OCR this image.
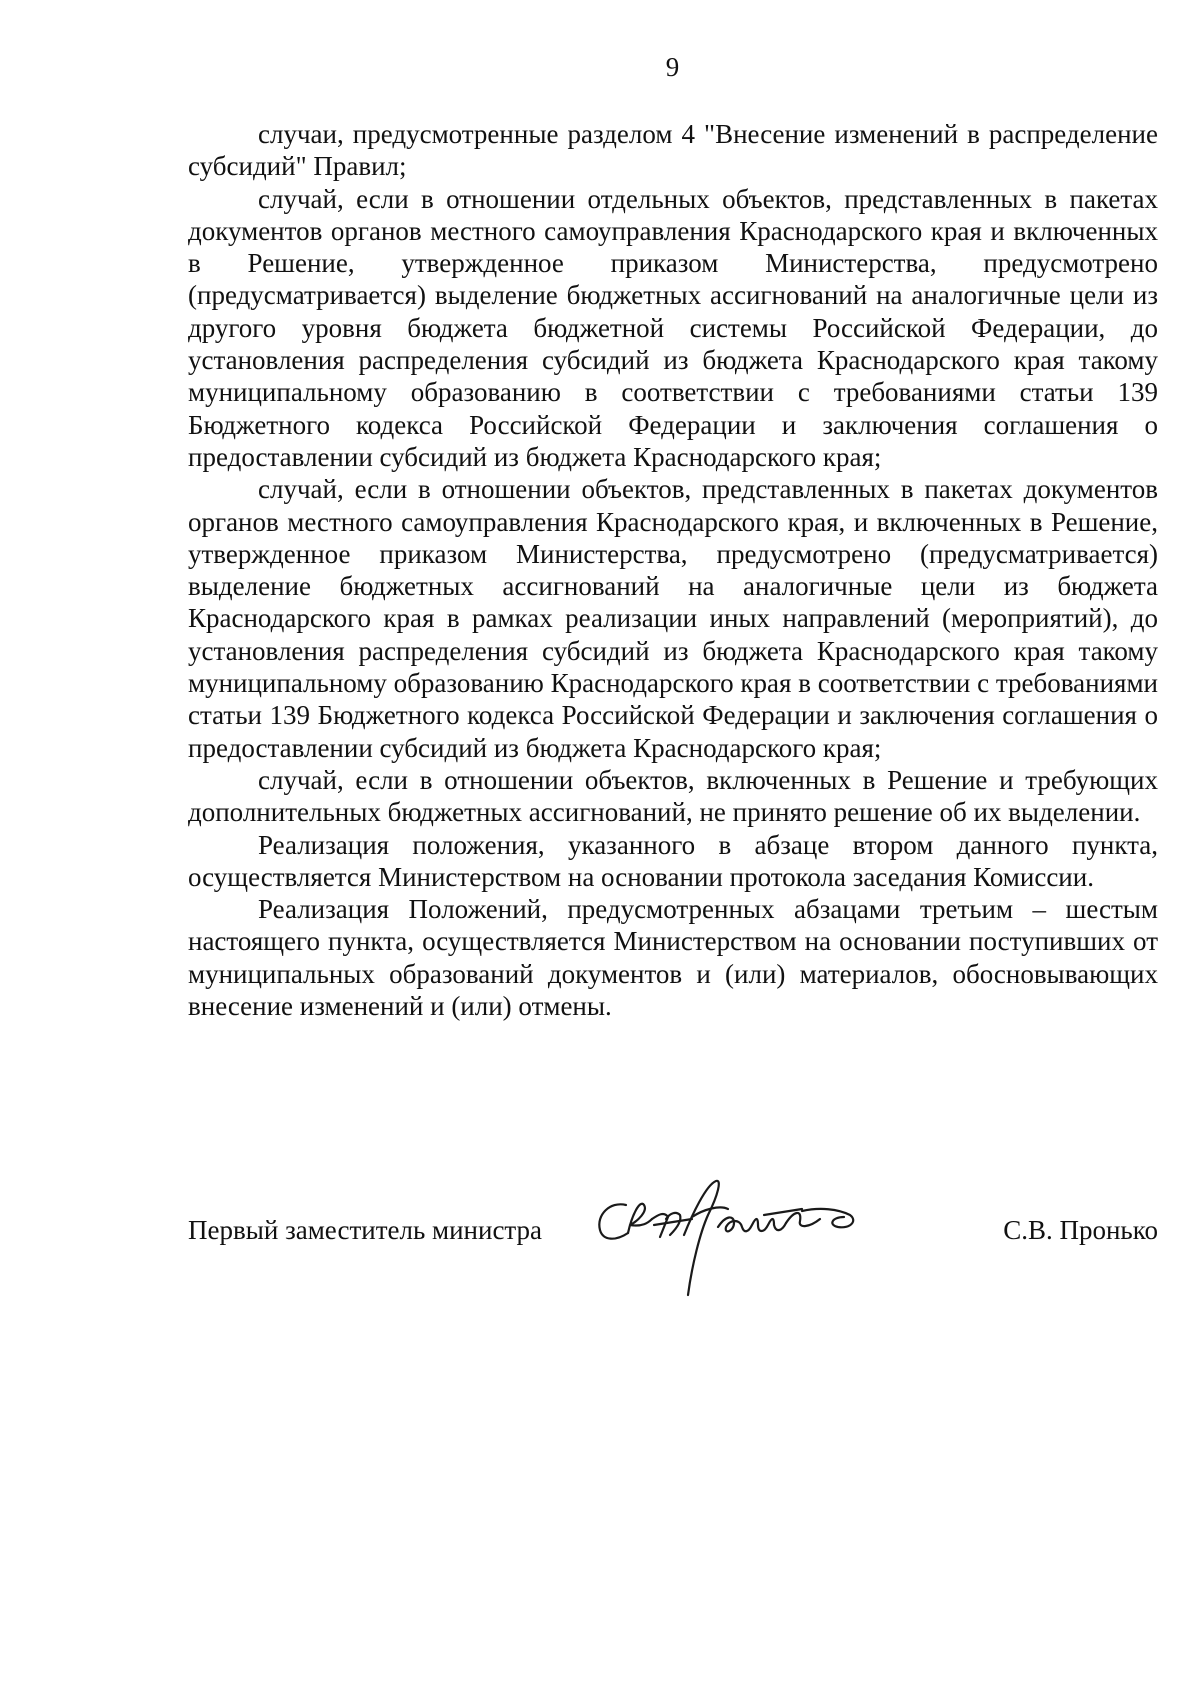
9

случаи, предусмотренные разделом 4 "Внесение изменений в распределение субсидий" Правил;

случай, если в отношении отдельных объектов, представленных в пакетах документов органов местного самоуправления Краснодарского края и включенных в Решение, утвержденное приказом Министерства, предусмотрено (предусматривается) выделение бюджетных ассигнований на аналогичные цели из другого уровня бюджета бюджетной системы Российской Федерации, до установления распределения субсидий из бюджета Краснодарского края такому муниципальному образованию в соответствии с требованиями статьи 139 Бюджетного кодекса Российской Федерации и заключения соглашения о предоставлении субсидий из бюджета Краснодарского края;

случай, если в отношении объектов, представленных в пакетах документов органов местного самоуправления Краснодарского края, и включенных в Решение, утвержденное приказом Министерства, предусмотрено (предусматривается) выделение бюджетных ассигнований на аналогичные цели из бюджета Краснодарского края в рамках реализации иных направлений (мероприятий), до установления распределения субсидий из бюджета Краснодарского края такому муниципальному образованию Краснодарского края в соответствии с требованиями статьи 139 Бюджетного кодекса Российской Федерации и заключения соглашения о предоставлении субсидий из бюджета Краснодарского края;

случай, если в отношении объектов, включенных в Решение и требующих дополнительных бюджетных ассигнований, не принято решение об их выделении.

Реализация положения, указанного в абзаце втором данного пункта, осуществляется Министерством на основании протокола заседания Комиссии.

Реализация Положений, предусмотренных абзацами третьим – шестым настоящего пункта, осуществляется Министерством на основании поступивших от муниципальных образований документов и (или) материалов, обосновывающих внесение изменений и (или) отмены.

Первый заместитель министра	С.В. Пронько
